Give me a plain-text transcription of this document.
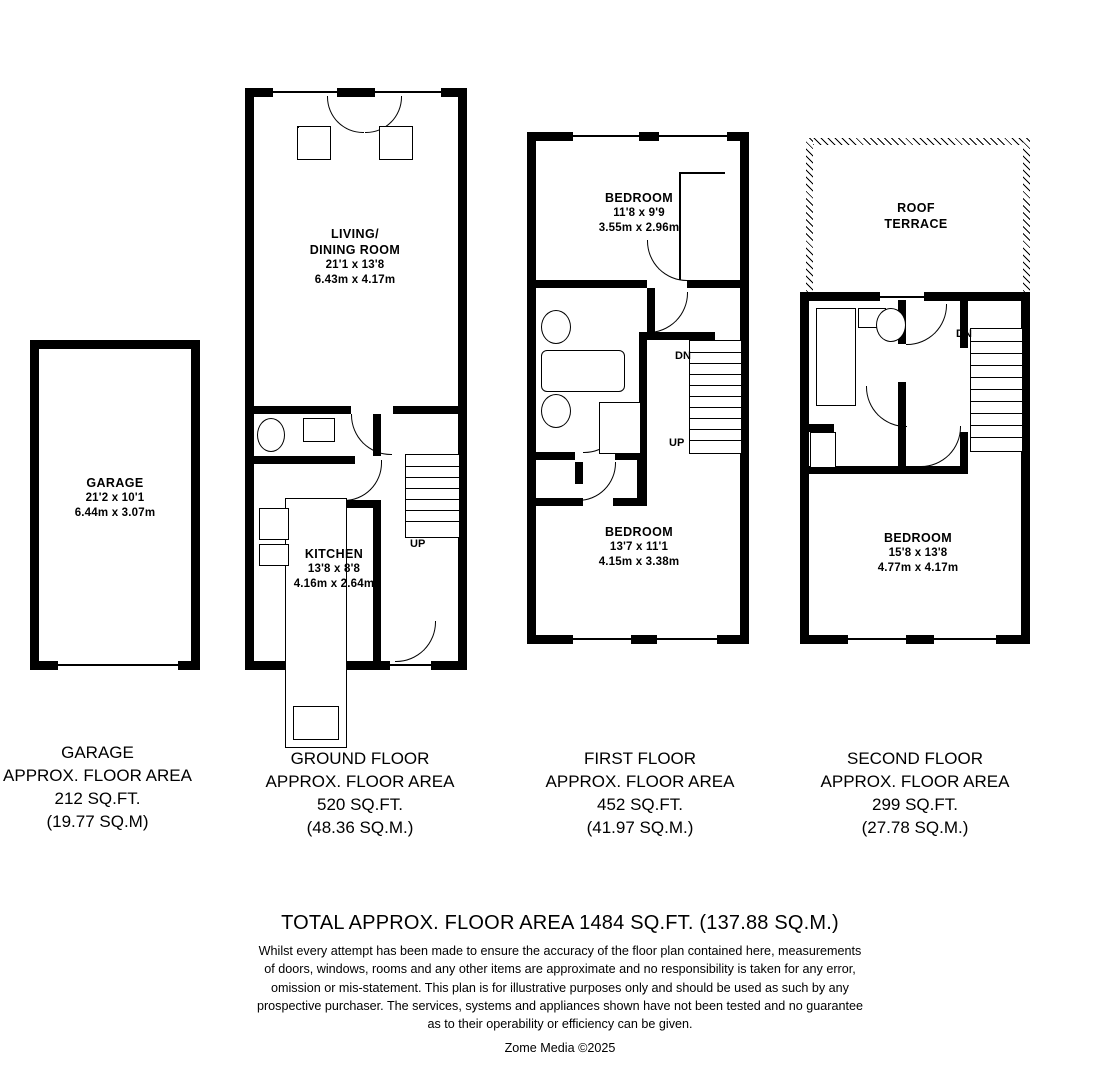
GARAGE
21'2 x 10'1
6.44m x 3.07m
UP
LIVING/
DINING ROOM
21'1 x 13'8
6.43m x 4.17m
KITCHEN
13'8 x 8'8
4.16m x 2.64m
DN
UP
BEDROOM
11'8 x 9'9
3.55m x 2.96m
BEDROOM
13'7 x 11'1
4.15m x 3.38m
DN
ROOF
TERRACE
BEDROOM
15'8 x 13'8
4.77m x 4.17m
GARAGE
APPROX. FLOOR AREA
212 SQ.FT.
(19.77 SQ.M)
GROUND FLOOR
APPROX. FLOOR AREA
520 SQ.FT.
(48.36 SQ.M.)
FIRST FLOOR
APPROX. FLOOR AREA
452 SQ.FT.
(41.97 SQ.M.)
SECOND FLOOR
APPROX. FLOOR AREA
299 SQ.FT.
(27.78 SQ.M.)
TOTAL APPROX. FLOOR AREA 1484 SQ.FT. (137.88 SQ.M.)
Whilst every attempt has been made to ensure the accuracy of the floor plan contained here, measurements
of doors, windows, rooms and any other items are approximate and no responsibility is taken for any error,
omission or mis-statement. This plan is for illustrative purposes only and should be used as such by any
prospective purchaser. The services, systems and appliances shown have not been tested and no guarantee
as to their operability or efficiency can be given.
Zome Media ©2025
